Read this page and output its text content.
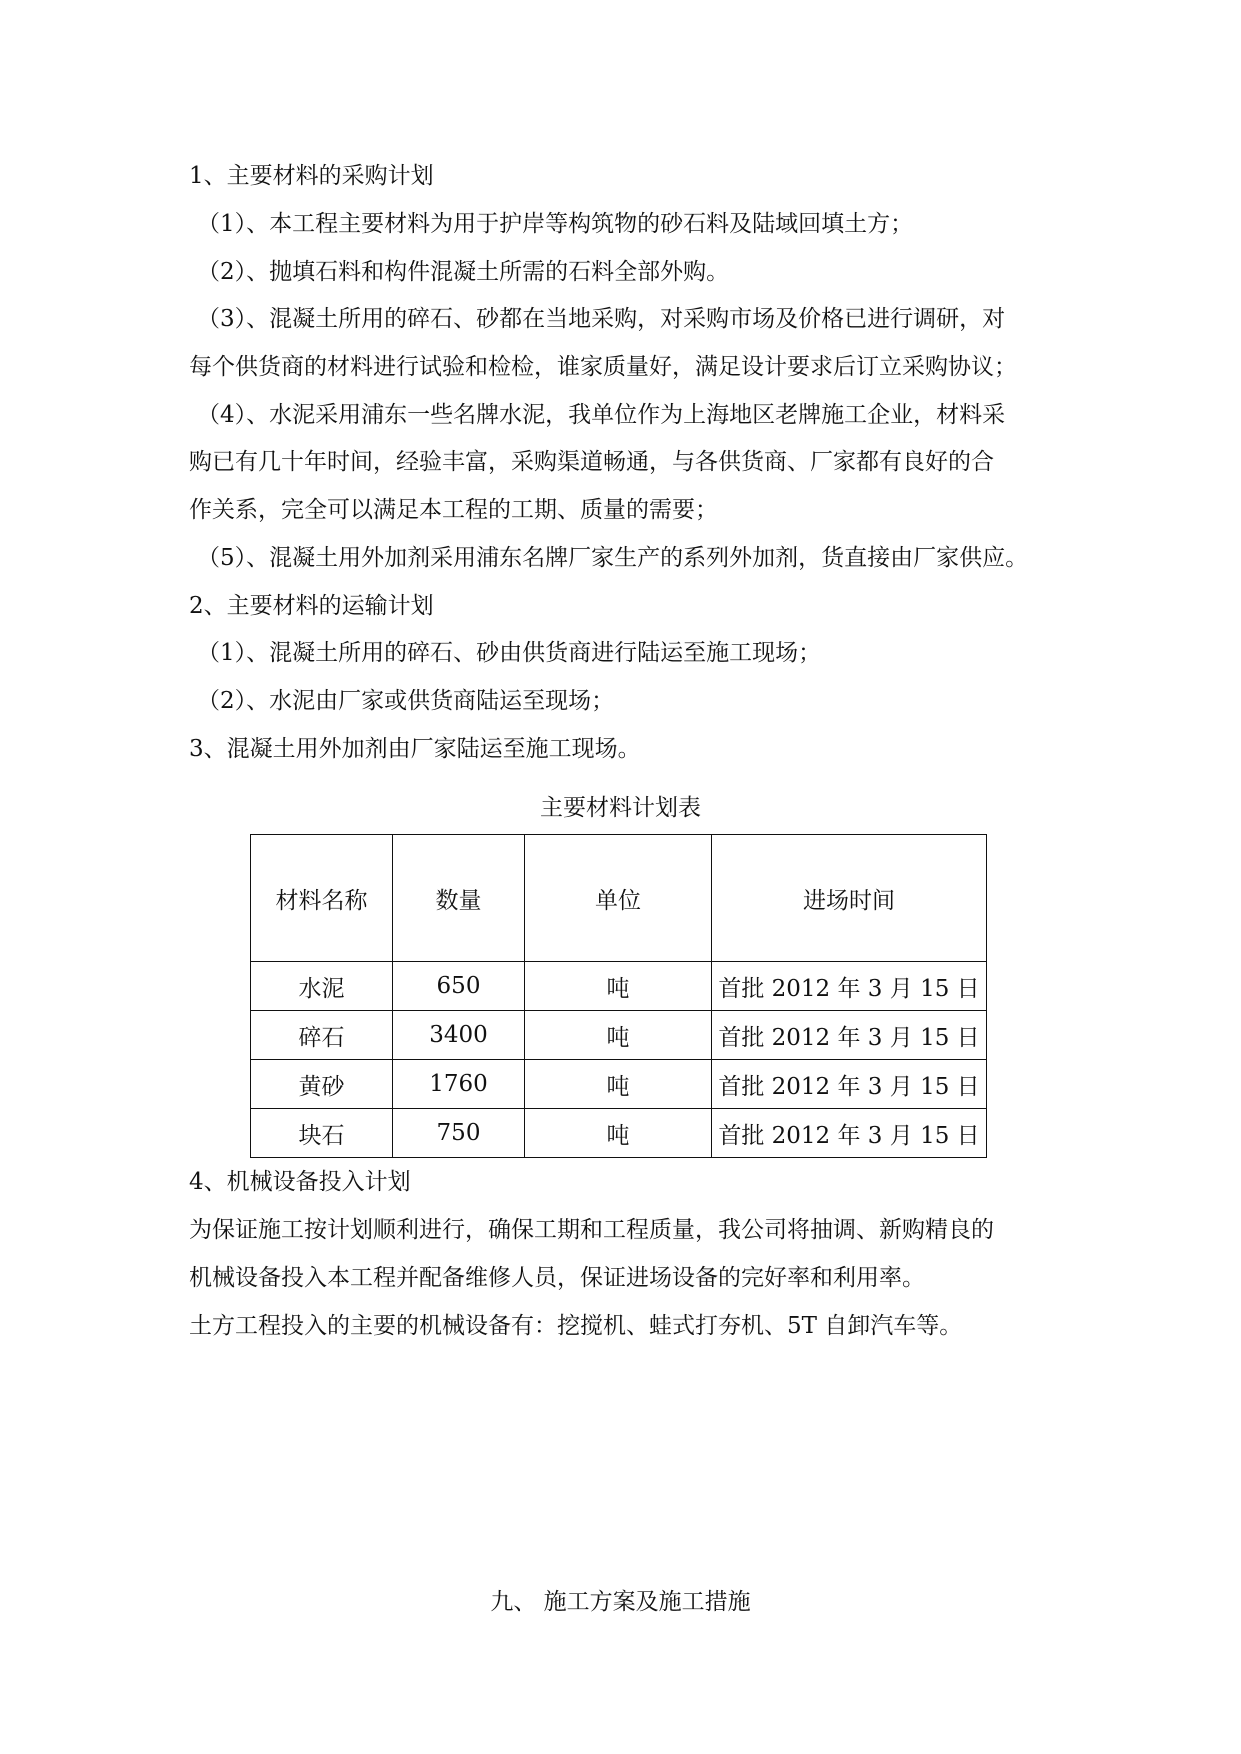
1、主要材料的采购计划
（1）、本工程主要材料为用于护岸等构筑物的砂石料及陆域回填土方；
（2）、抛填石料和构件混凝土所需的石料全部外购。
（3）、混凝土所用的碎石、砂都在当地采购，对采购市场及价格已进行调研，对
每个供货商的材料进行试验和检检，谁家质量好，满足设计要求后订立采购协议；
（4）、水泥采用浦东一些名牌水泥，我单位作为上海地区老牌施工企业，材料采
购已有几十年时间，经验丰富，采购渠道畅通，与各供货商、厂家都有良好的合
作关系，完全可以满足本工程的工期、质量的需要；
（5）、混凝土用外加剂采用浦东名牌厂家生产的系列外加剂，货直接由厂家供应。
2、主要材料的运输计划
（1）、混凝土所用的碎石、砂由供货商进行陆运至施工现场；
（2）、水泥由厂家或供货商陆运至现场；
3、混凝土用外加剂由厂家陆运至施工现场。
主要材料计划表
材料名称	数量	单位	进场时间
水泥	650	吨	首批 2012 年 3 月 15 日
碎石	3400	吨	首批 2012 年 3 月 15 日
黄砂	1760	吨	首批 2012 年 3 月 15 日
块石	750	吨	首批 2012 年 3 月 15 日
4、机械设备投入计划
为保证施工按计划顺利进行，确保工期和工程质量，我公司将抽调、新购精良的
机械设备投入本工程并配备维修人员，保证进场设备的完好率和利用率。
土方工程投入的主要的机械设备有：挖搅机、蛙式打夯机、5T 自卸汽车等。
九、 施工方案及施工措施
